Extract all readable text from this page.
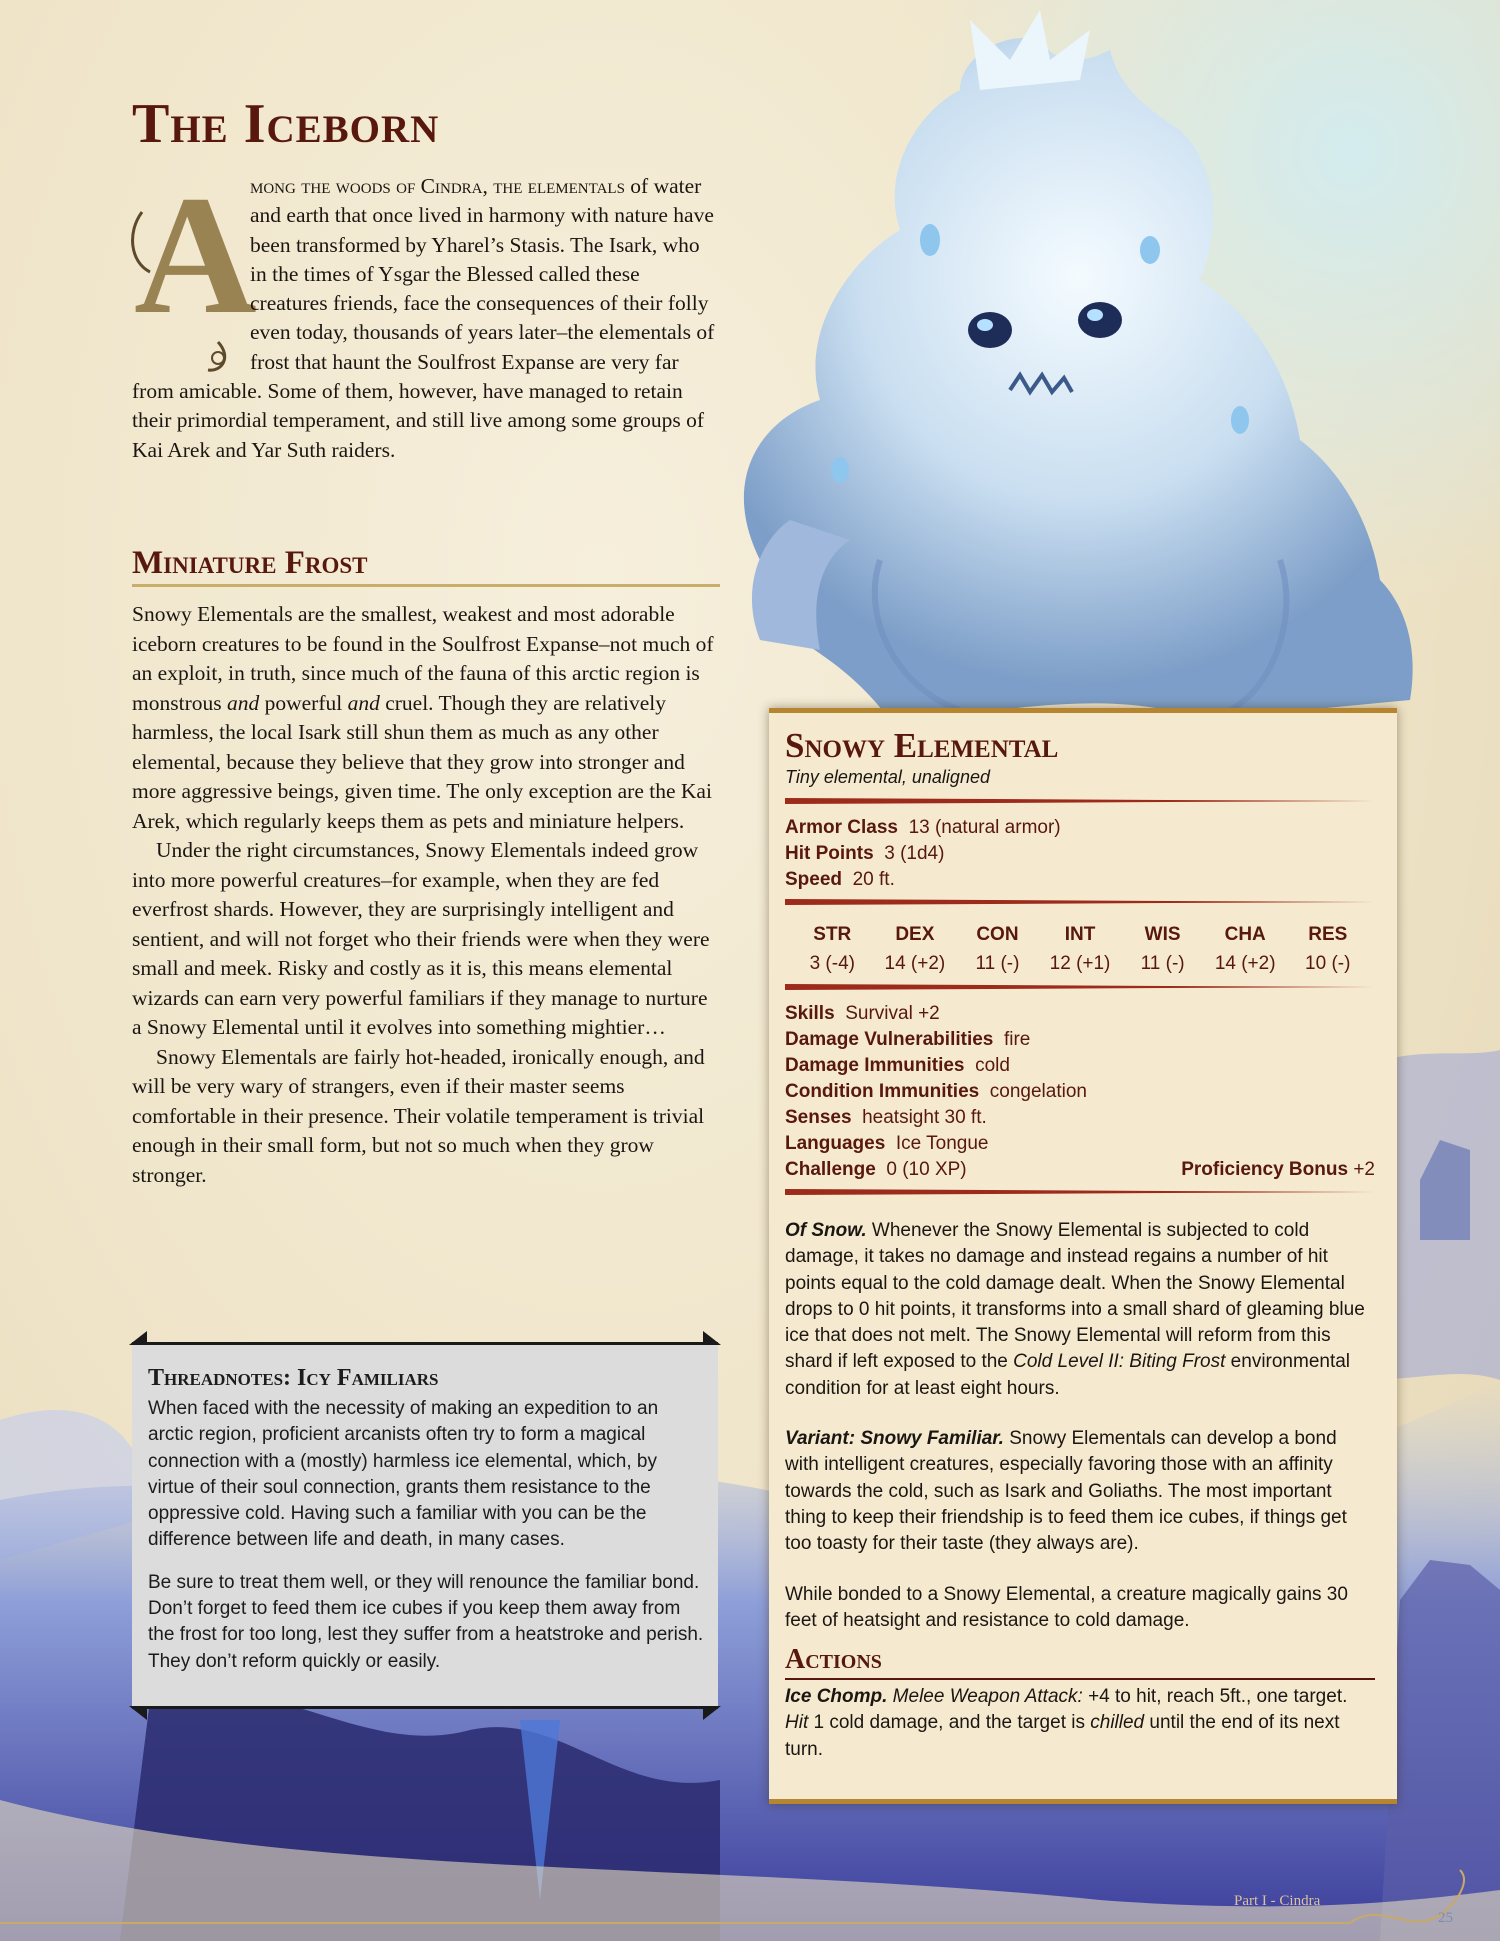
The Iceborn
A
mong the woods of Cindra, the elementals of water and earth that once lived in harmony with nature have been transformed by Yharel’s Stasis. The Isark, who in the times of Ysgar the Blessed called these creatures friends, face the consequences of their folly even today, thousands of years later–the elementals of frost that haunt the Soulfrost Expanse are very far from amicable. Some of them, however, have managed to retain their primordial temperament, and still live among some groups of Kai Arek and Yar Suth raiders.
Miniature Frost

Snowy Elementals are the smallest, weakest and most adorable iceborn creatures to be found in the Soulfrost Expanse–not much of an exploit, in truth, since much of the fauna of this arctic region is monstrous and powerful and cruel. Though they are relatively harmless, the local Isark still shun them as much as any other elemental, because they believe that they grow into stronger and more aggressive beings, given time. The only exception are the Kai Arek, which regularly keeps them as pets and miniature helpers.

Under the right circumstances, Snowy Elementals indeed grow into more powerful creatures–for example, when they are fed everfrost shards. However, they are surprisingly intelligent and sentient, and will not forget who their friends were when they were small and meek. Risky and costly as it is, this means elemental wizards can earn very powerful familiars if they manage to nurture a Snowy Elemental until it evolves into something mightier…

Snowy Elementals are fairly hot-headed, ironically enough, and will be very wary of strangers, even if their master seems comfortable in their presence. Their volatile temperament is trivial enough in their small form, but not so much when they grow stronger.

Threadnotes: Icy Familiars

When faced with the necessity of making an expedition to an arctic region, proficient arcanists often try to form a magical connection with a (mostly) harmless ice elemental, which, by virtue of their soul connection, grants them resistance to the oppressive cold. Having such a familiar with you can be the difference between life and death, in many cases.

Be sure to treat them well, or they will renounce the familiar bond. Don’t forget to feed them ice cubes if you keep them away from the frost for too long, lest they suffer from a heatstroke and perish. They don’t reform quickly or easily.

Snowy Elemental
Tiny elemental, unaligned
Armor Class 13 (natural armor)
Hit Points 3 (1d4)
Speed 20 ft.
STR
3 (-4)
DEX
14 (+2)
CON
11 (-)
INT
12 (+1)
WIS
11 (-)
CHA
14 (+2)
RES
10 (-)
Skills Survival +2
Damage Vulnerabilities fire
Damage Immunities cold
Condition Immunities congelation
Senses heatsight 30 ft.
Languages Ice Tongue
Challenge 0 (10 XP)	Proficiency Bonus +2

Of Snow. Whenever the Snowy Elemental is subjected to cold damage, it takes no damage and instead regains a number of hit points equal to the cold damage dealt. When the Snowy Elemental drops to 0 hit points, it transforms into a small shard of gleaming blue ice that does not melt. The Snowy Elemental will reform from this shard if left exposed to the Cold Level II: Biting Frost environmental condition for at least eight hours.

Variant: Snowy Familiar. Snowy Elementals can develop a bond with intelligent creatures, especially favoring those with an affinity towards the cold, such as Isark and Goliaths. The most important thing to keep their friendship is to feed them ice cubes, if things get too toasty for their taste (they always are).

While bonded to a Snowy Elemental, a creature magically gains 30 feet of heatsight and resistance to cold damage.

Actions

Ice Chomp. Melee Weapon Attack: +4 to hit, reach 5ft., one target. Hit 1 cold damage, and the target is chilled until the end of its next turn.

Part I - Cindra
25
